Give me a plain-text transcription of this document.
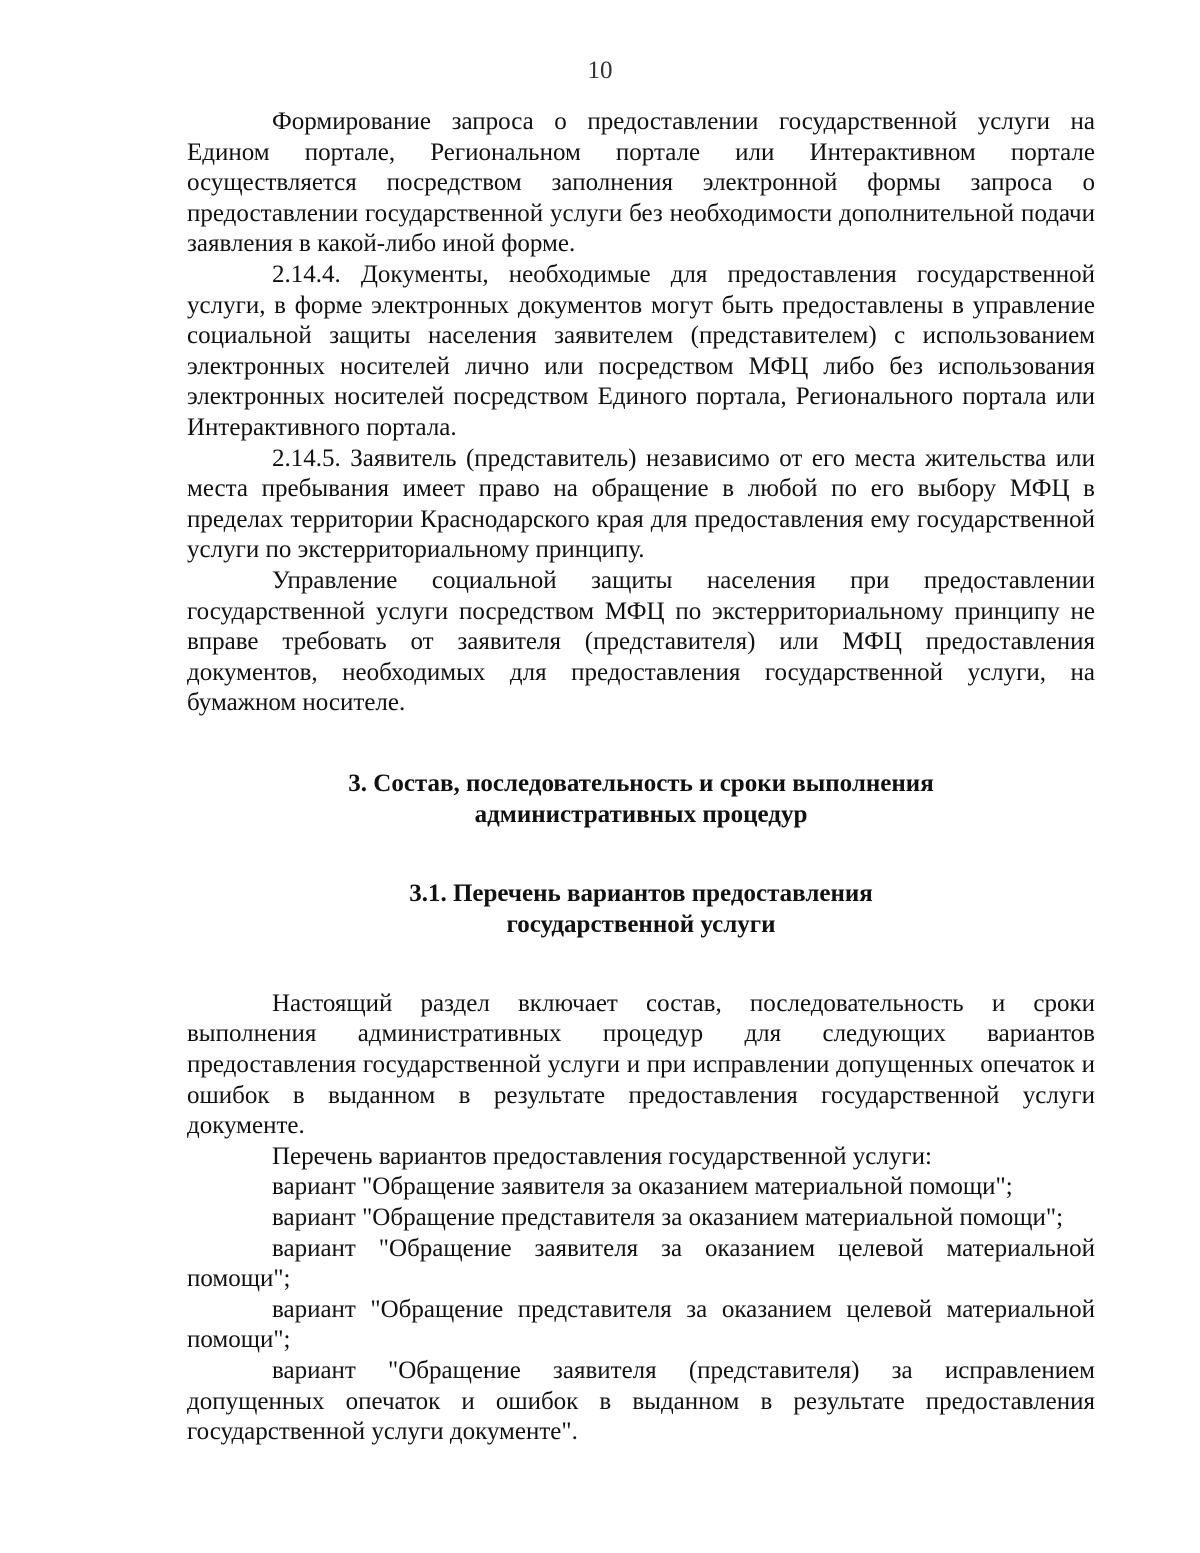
10

Формирование запроса о предоставлении государственной услуги на Едином портале, Региональном портале или Интерактивном портале осуществляется посредством заполнения электронной формы запроса о предоставлении государственной услуги без необходимости дополнительной подачи заявления в какой-либо иной форме.

2.14.4. Документы, необходимые для предоставления государственной услуги, в форме электронных документов могут быть предоставлены в управление социальной защиты населения заявителем (представителем) с использованием электронных носителей лично или посредством МФЦ либо без использования электронных носителей посредством Единого портала, Регионального портала или Интерактивного портала.

2.14.5. Заявитель (представитель) независимо от его места жительства или места пребывания имеет право на обращение в любой по его выбору МФЦ в пределах территории Краснодарского края для предоставления ему государственной услуги по экстерриториальному принципу.

Управление социальной защиты населения при предоставлении государственной услуги посредством МФЦ по экстерриториальному принципу не вправе требовать от заявителя (представителя) или МФЦ предоставления документов, необходимых для предоставления государственной услуги, на бумажном носителе.

3. Состав, последовательность и сроки выполнения
административных процедур
3.1. Перечень вариантов предоставления
государственной услуги

Настоящий раздел включает состав, последовательность и сроки выполнения административных процедур для следующих вариантов предоставления государственной услуги и при исправлении допущенных опечаток и ошибок в выданном в результате предоставления государственной услуги документе.

Перечень вариантов предоставления государственной услуги:

вариант "Обращение заявителя за оказанием материальной помощи";

вариант "Обращение представителя за оказанием материальной помощи";

вариант "Обращение заявителя за оказанием целевой материальной помощи";

вариант "Обращение представителя за оказанием целевой материальной помощи";

вариант "Обращение заявителя (представителя) за исправлением допущенных опечаток и ошибок в выданном в результате предоставления государственной услуги документе".
